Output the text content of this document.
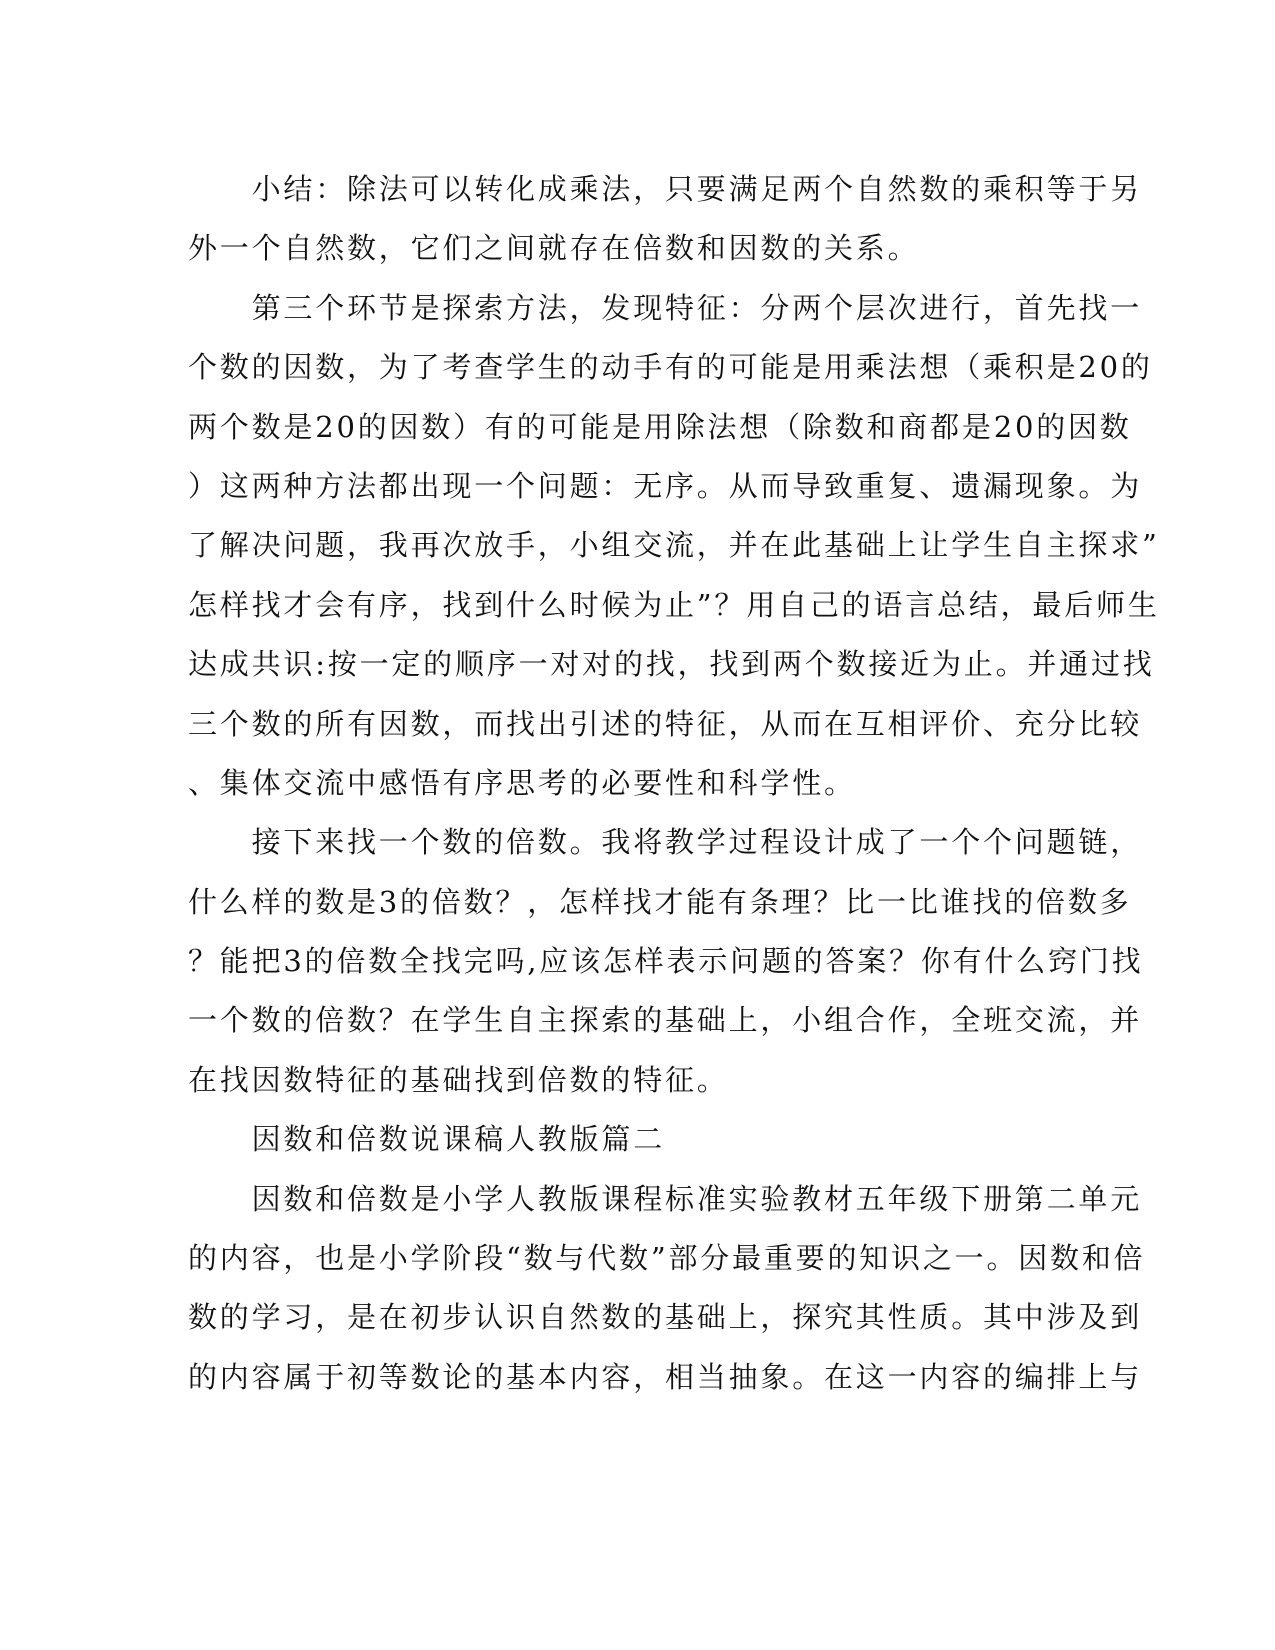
　　小结：除法可以转化成乘法，只要满足两个自然数的乘积等于另
外一个自然数，它们之间就存在倍数和因数的关系。
　　第三个环节是探索方法，发现特征：分两个层次进行，首先找一
个数的因数，为了考查学生的动手有的可能是用乘法想（乘积是20的
两个数是20的因数）有的可能是用除法想（除数和商都是20的因数
）这两种方法都出现一个问题：无序。从而导致重复、遗漏现象。为
了解决问题，我再次放手，小组交流，并在此基础上让学生自主探求”
怎样找才会有序，找到什么时候为止”？用自己的语言总结，最后师生
达成共识:按一定的顺序一对对的找，找到两个数接近为止。并通过找
三个数的所有因数，而找出引述的特征，从而在互相评价、充分比较
、集体交流中感悟有序思考的必要性和科学性。
　　接下来找一个数的倍数。我将教学过程设计成了一个个问题链，
什么样的数是3的倍数？，怎样找才能有条理？比一比谁找的倍数多
？能把3的倍数全找完吗,应该怎样表示问题的答案？你有什么窍门找
一个数的倍数？在学生自主探索的基础上，小组合作，全班交流，并
在找因数特征的基础找到倍数的特征。
　　因数和倍数说课稿人教版篇二
　　因数和倍数是小学人教版课程标准实验教材五年级下册第二单元
的内容，也是小学阶段“数与代数”部分最重要的知识之一。因数和倍
数的学习，是在初步认识自然数的基础上，探究其性质。其中涉及到
的内容属于初等数论的基本内容，相当抽象。在这一内容的编排上与
